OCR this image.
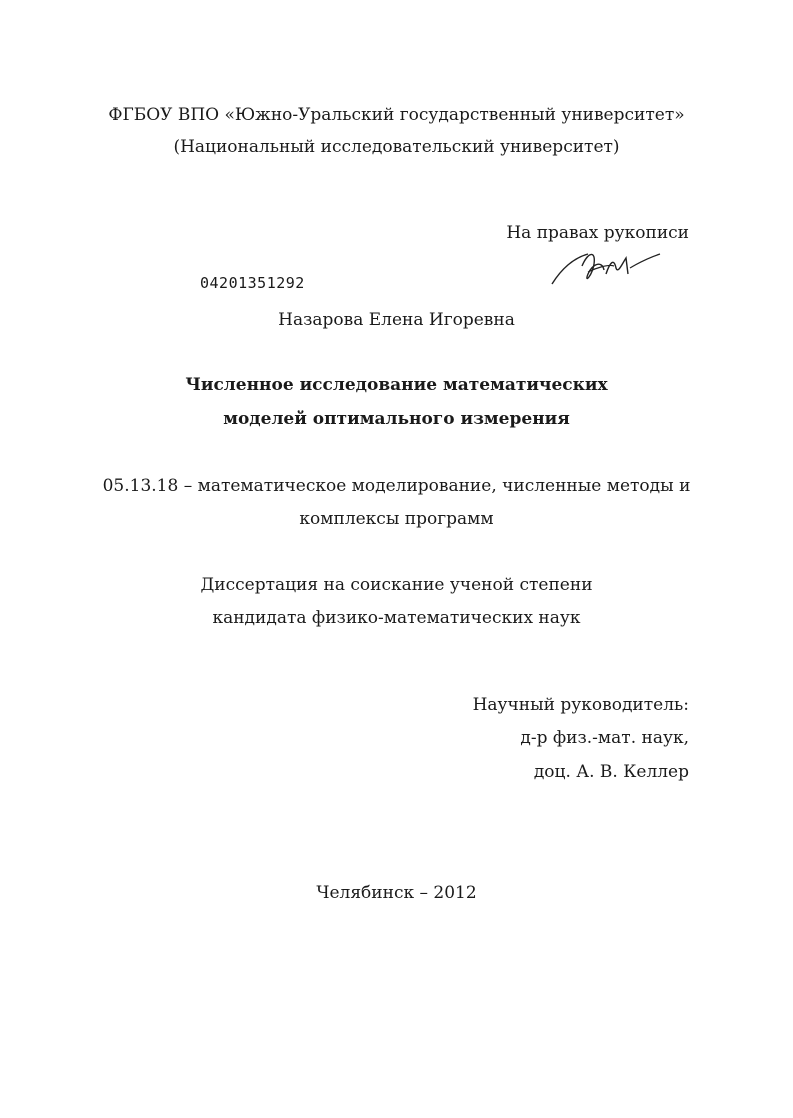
ФГБОУ ВПО «Южно-Уральский государственный университет»
(Национальный исследовательский университет)
На правах рукописи
04201351292
Назарова Елена Игоревна
Численное исследование математических
моделей оптимального измерения
05.13.18 – математическое моделирование, численные методы и
комплексы программ
Диссертация на соискание ученой степени
кандидата физико-математических наук
Научный руководитель:
д-р физ.-мат. наук,
доц. А. В. Келлер
Челябинск – 2012
